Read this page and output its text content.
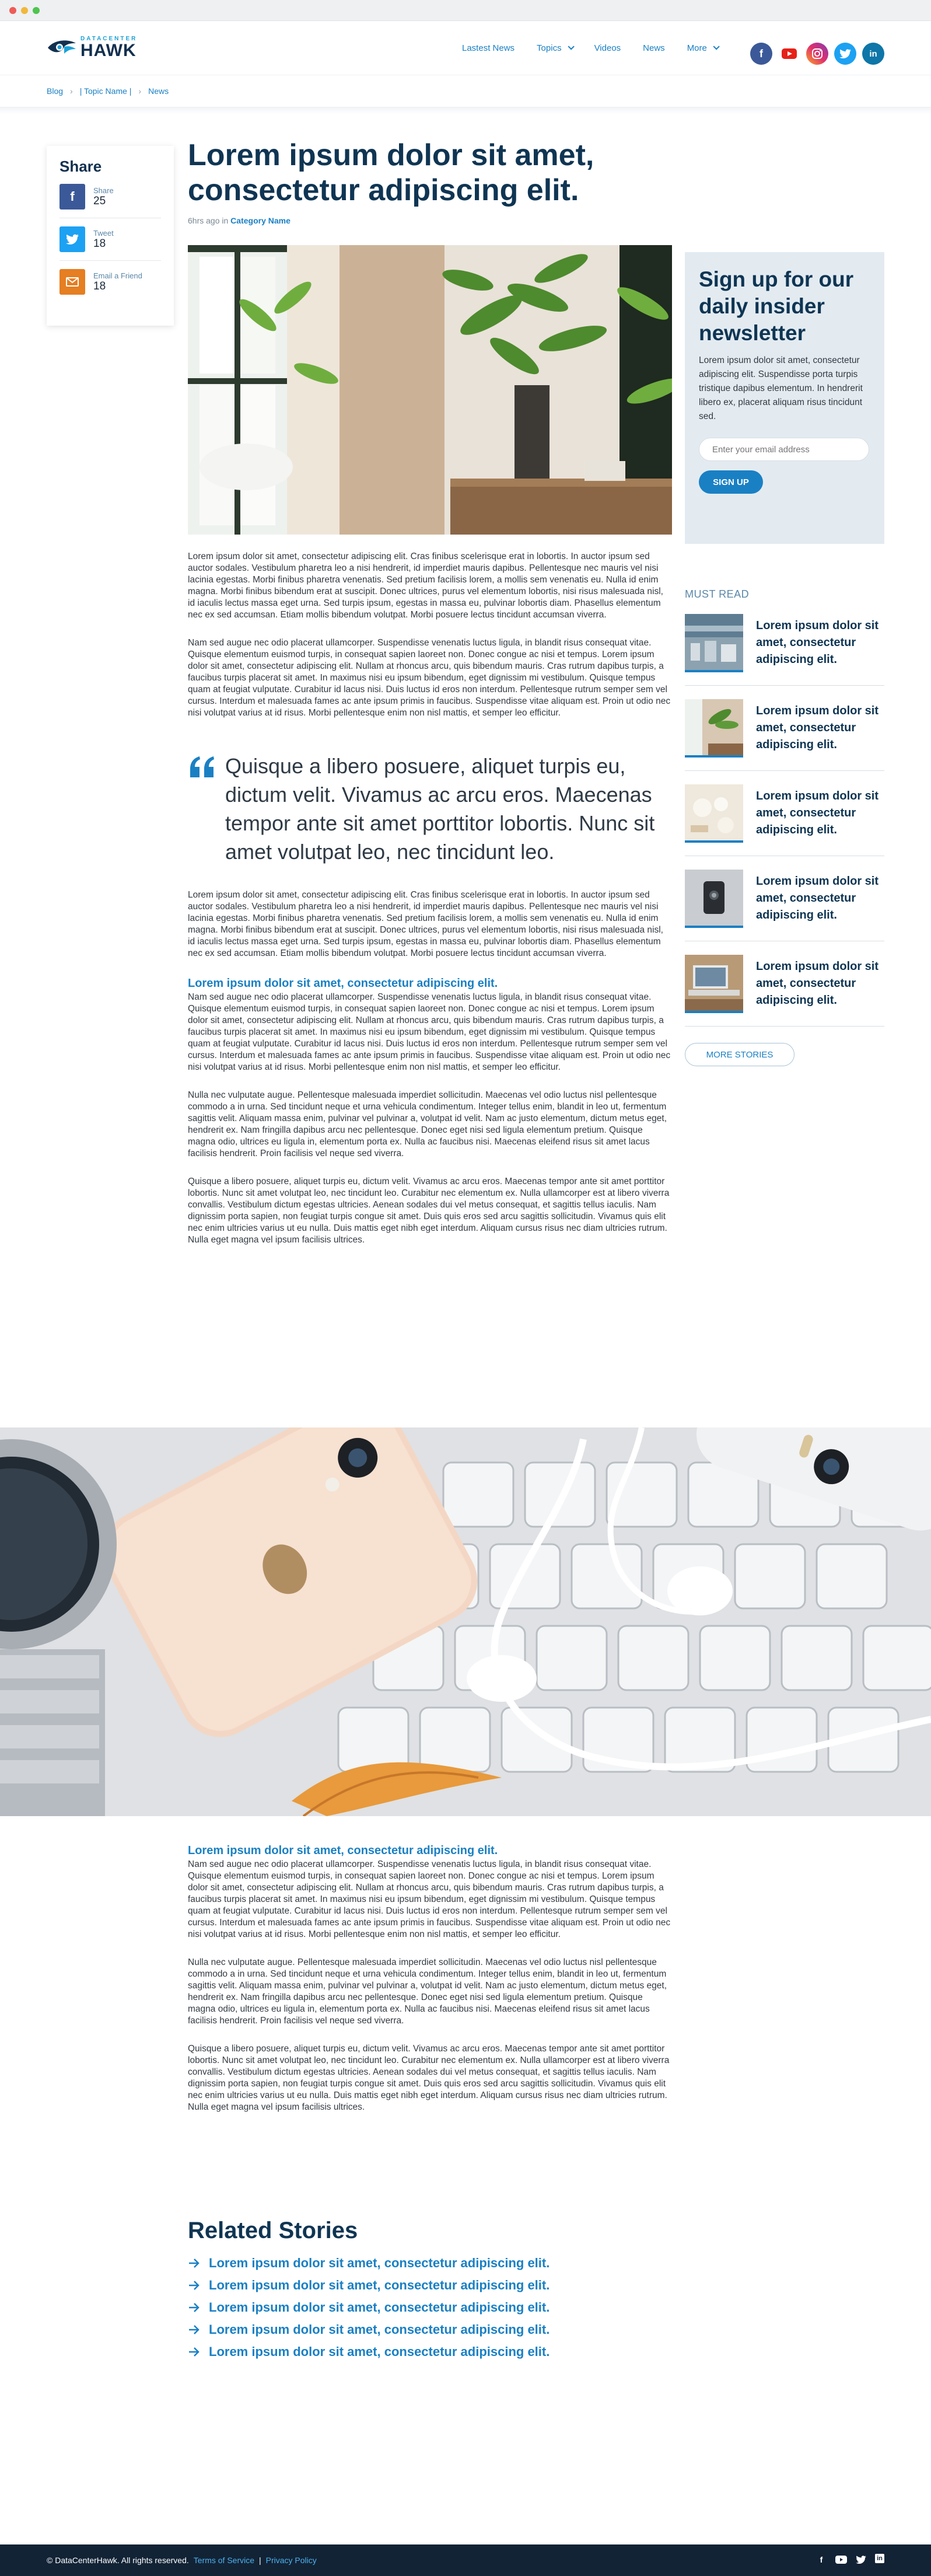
DATACENTER
HAWK	Lastest News	Topics	Videos	News	More	f	in
Blog › | Topic Name | › News
Share
f	Share
25
Tweet
18
Email a Friend
18
Lorem ipsum dolor sit amet, consectetur adipiscing elit.
6hrs ago in Category Name

Lorem ipsum dolor sit amet, consectetur adipiscing elit. Cras finibus scelerisque erat in lobortis. In auctor ipsum sed auctor sodales. Vestibulum pharetra leo a nisi hendrerit, id imperdiet mauris dapibus. Pellentesque nec mauris vel nisi lacinia egestas. Morbi finibus pharetra venenatis. Sed pretium facilisis lorem, a mollis sem venenatis eu. Nulla id enim magna. Morbi finibus bibendum erat at suscipit. Donec ultrices, purus vel elementum lobortis, nisi risus malesuada nisl, id iaculis lectus massa eget urna. Sed turpis ipsum, egestas in massa eu, pulvinar lobortis diam. Phasellus elementum nec ex sed accumsan. Etiam mollis bibendum volutpat. Morbi posuere lectus tincidunt accumsan viverra.

Nam sed augue nec odio placerat ullamcorper. Suspendisse venenatis luctus ligula, in blandit risus consequat vitae. Quisque elementum euismod turpis, in consequat sapien laoreet non. Donec congue ac nisi et tempus. Lorem ipsum dolor sit amet, consectetur adipiscing elit. Nullam at rhoncus arcu, quis bibendum mauris. Cras rutrum dapibus turpis, a faucibus turpis placerat sit amet. In maximus nisi eu ipsum bibendum, eget dignissim mi vestibulum. Quisque tempus quam at feugiat vulputate. Curabitur id lacus nisi. Duis luctus id eros non interdum. Pellentesque rutrum semper sem vel cursus. Interdum et malesuada fames ac ante ipsum primis in faucibus. Suspendisse vitae aliquam est. Proin ut odio nec nisi volutpat varius at id risus. Morbi pellentesque enim non nisl mattis, et semper leo efficitur.

Quisque a libero posuere, aliquet turpis eu, dictum velit. Vivamus ac arcu eros. Maecenas tempor ante sit amet porttitor lobortis. Nunc sit amet volutpat leo, nec tincidunt leo.

Lorem ipsum dolor sit amet, consectetur adipiscing elit. Cras finibus scelerisque erat in lobortis. In auctor ipsum sed auctor sodales. Vestibulum pharetra leo a nisi hendrerit, id imperdiet mauris dapibus. Pellentesque nec mauris vel nisi lacinia egestas. Morbi finibus pharetra venenatis. Sed pretium facilisis lorem, a mollis sem venenatis eu. Nulla id enim magna. Morbi finibus bibendum erat at suscipit. Donec ultrices, purus vel elementum lobortis, nisi risus malesuada nisl, id iaculis lectus massa eget urna. Sed turpis ipsum, egestas in massa eu, pulvinar lobortis diam. Phasellus elementum nec ex sed accumsan. Etiam mollis bibendum volutpat. Morbi posuere lectus tincidunt accumsan viverra.

Lorem ipsum dolor sit amet, consectetur adipiscing elit.

Nam sed augue nec odio placerat ullamcorper. Suspendisse venenatis luctus ligula, in blandit risus consequat vitae. Quisque elementum euismod turpis, in consequat sapien laoreet non. Donec congue ac nisi et tempus. Lorem ipsum dolor sit amet, consectetur adipiscing elit. Nullam at rhoncus arcu, quis bibendum mauris. Cras rutrum dapibus turpis, a faucibus turpis placerat sit amet. In maximus nisi eu ipsum bibendum, eget dignissim mi vestibulum. Quisque tempus quam at feugiat vulputate. Curabitur id lacus nisi. Duis luctus id eros non interdum. Pellentesque rutrum semper sem vel cursus. Interdum et malesuada fames ac ante ipsum primis in faucibus. Suspendisse vitae aliquam est. Proin ut odio nec nisi volutpat varius at id risus. Morbi pellentesque enim non nisl mattis, et semper leo efficitur.

Nulla nec vulputate augue. Pellentesque malesuada imperdiet sollicitudin. Maecenas vel odio luctus nisl pellentesque commodo a in urna. Sed tincidunt neque et urna vehicula condimentum. Integer tellus enim, blandit in leo ut, fermentum sagittis velit. Aliquam massa enim, pulvinar vel pulvinar a, volutpat id velit. Nam ac justo elementum, dictum metus eget, hendrerit ex. Nam fringilla dapibus arcu nec pellentesque. Donec eget nisi sed ligula elementum pretium. Quisque magna odio, ultrices eu ligula in, elementum porta ex. Nulla ac faucibus nisi. Maecenas eleifend risus sit amet lacus facilisis hendrerit. Proin facilisis vel neque sed viverra.

Quisque a libero posuere, aliquet turpis eu, dictum velit. Vivamus ac arcu eros. Maecenas tempor ante sit amet porttitor lobortis. Nunc sit amet volutpat leo, nec tincidunt leo. Curabitur nec elementum ex. Nulla ullamcorper est at libero viverra convallis. Vestibulum dictum egestas ultricies. Aenean sodales dui vel metus consequat, et sagittis tellus iaculis. Nam dignissim porta sapien, non feugiat turpis congue sit amet. Duis quis eros sed arcu sagittis sollicitudin. Vivamus quis elit nec enim ultricies varius ut eu nulla. Duis mattis eget nibh eget interdum. Aliquam cursus risus nec diam ultricies rutrum. Nulla eget magna vel ipsum facilisis ultrices.

Sign up for our daily insider newsletter

Lorem ipsum dolor sit amet, consectetur adipiscing elit. Suspendisse porta turpis tristique dapibus elementum. In hendrerit libero ex, placerat aliquam risus tincidunt sed.

Enter your email address SIGN UP
MUST READ
Lorem ipsum dolor sit amet, consectetur adipiscing elit.
Lorem ipsum dolor sit amet, consectetur adipiscing elit.
Lorem ipsum dolor sit amet, consectetur adipiscing elit.
Lorem ipsum dolor sit amet, consectetur adipiscing elit.
Lorem ipsum dolor sit amet, consectetur adipiscing elit.
MORE STORIES
Lorem ipsum dolor sit amet, consectetur adipiscing elit.

Nam sed augue nec odio placerat ullamcorper. Suspendisse venenatis luctus ligula, in blandit risus consequat vitae. Quisque elementum euismod turpis, in consequat sapien laoreet non. Donec congue ac nisi et tempus. Lorem ipsum dolor sit amet, consectetur adipiscing elit. Nullam at rhoncus arcu, quis bibendum mauris. Cras rutrum dapibus turpis, a faucibus turpis placerat sit amet. In maximus nisi eu ipsum bibendum, eget dignissim mi vestibulum. Quisque tempus quam at feugiat vulputate. Curabitur id lacus nisi. Duis luctus id eros non interdum. Pellentesque rutrum semper sem vel cursus. Interdum et malesuada fames ac ante ipsum primis in faucibus. Suspendisse vitae aliquam est. Proin ut odio nec nisi volutpat varius at id risus. Morbi pellentesque enim non nisl mattis, et semper leo efficitur.

Nulla nec vulputate augue. Pellentesque malesuada imperdiet sollicitudin. Maecenas vel odio luctus nisl pellentesque commodo a in urna. Sed tincidunt neque et urna vehicula condimentum. Integer tellus enim, blandit in leo ut, fermentum sagittis velit. Aliquam massa enim, pulvinar vel pulvinar a, volutpat id velit. Nam ac justo elementum, dictum metus eget, hendrerit ex. Nam fringilla dapibus arcu nec pellentesque. Donec eget nisi sed ligula elementum pretium. Quisque magna odio, ultrices eu ligula in, elementum porta ex. Nulla ac faucibus nisi. Maecenas eleifend risus sit amet lacus facilisis hendrerit. Proin facilisis vel neque sed viverra.

Quisque a libero posuere, aliquet turpis eu, dictum velit. Vivamus ac arcu eros. Maecenas tempor ante sit amet porttitor lobortis. Nunc sit amet volutpat leo, nec tincidunt leo. Curabitur nec elementum ex. Nulla ullamcorper est at libero viverra convallis. Vestibulum dictum egestas ultricies. Aenean sodales dui vel metus consequat, et sagittis tellus iaculis. Nam dignissim porta sapien, non feugiat turpis congue sit amet. Duis quis eros sed arcu sagittis sollicitudin. Vivamus quis elit nec enim ultricies varius ut eu nulla. Duis mattis eget nibh eget interdum. Aliquam cursus risus nec diam ultricies rutrum. Nulla eget magna vel ipsum facilisis ultrices.

Related Stories
Lorem ipsum dolor sit amet, consectetur adipiscing elit.
Lorem ipsum dolor sit amet, consectetur adipiscing elit.
Lorem ipsum dolor sit amet, consectetur adipiscing elit.
Lorem ipsum dolor sit amet, consectetur adipiscing elit.
Lorem ipsum dolor sit amet, consectetur adipiscing elit.
© DataCenterHawk. All rights reserved. Terms of Service | Privacy Policy	f	in
